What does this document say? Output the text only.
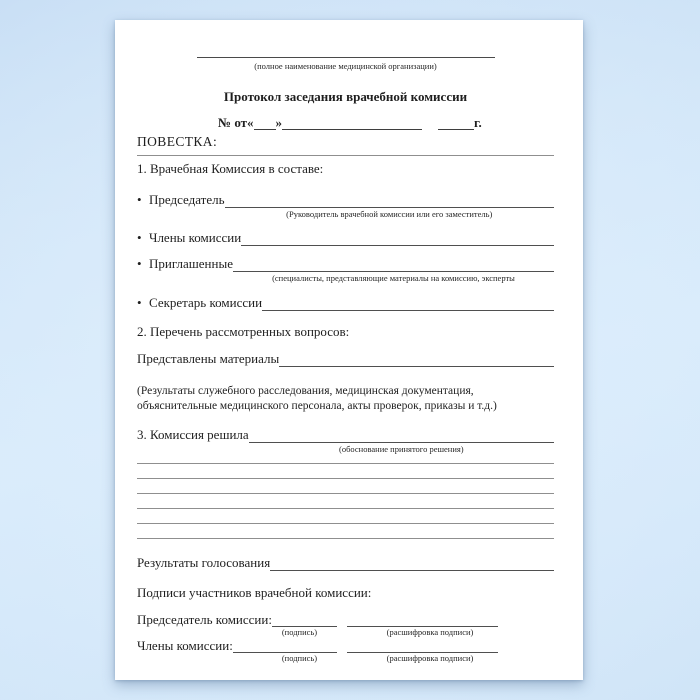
(полное наименование медицинской организации)
Протокол заседания врачебной комиссии
№ от« »	г.
ПОВЕСТКА:
1. Врачебная Комиссия в составе:
• Председатель
(Руководитель врачебной комиссии или его заместитель)
• Члены комиссии
• Приглашенные
(специалисты, представляющие материалы на комиссию, эксперты
• Секретарь комиссии
2. Перечень рассмотренных вопросов:
Представлены материалы
(Результаты служебного расследования, медицинская документация,
объяснительные медицинского персонала, акты проверок, приказы и т.д.)
3. Комиссия решила
(обоснование принятого решения)
Результаты голосования
Подписи участников врачебной комиссии:
Председатель комиссии:
(подпись)	(расшифровка подписи)
Члены комиссии:
(подпись)	(расшифровка подписи)
